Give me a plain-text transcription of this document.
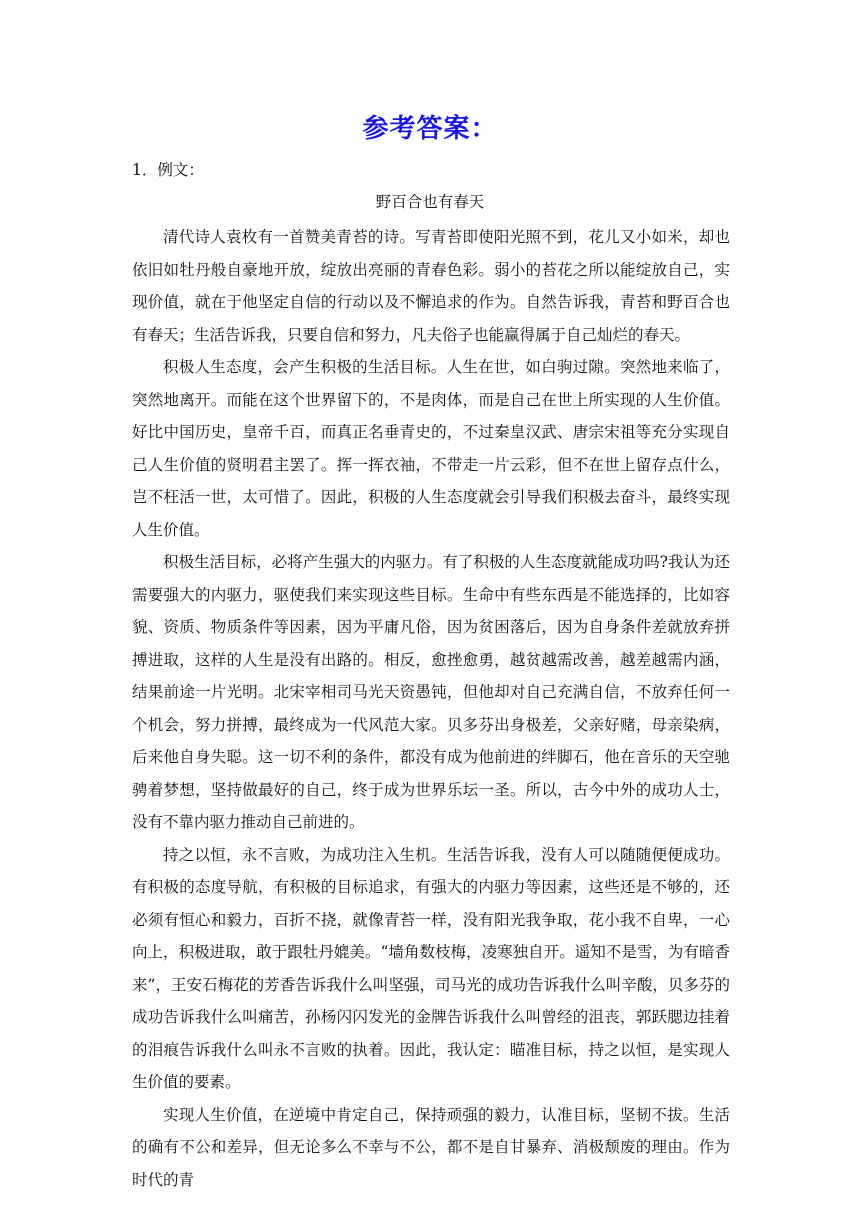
参考答案：

1．例文：

野百合也有春天

清代诗人袁枚有一首赞美青苔的诗。写青苔即使阳光照不到，花儿又小如米，却也依旧如牡丹般自豪地开放，绽放出亮丽的青春色彩。弱小的苔花之所以能绽放自己，实现价值，就在于他坚定自信的行动以及不懈追求的作为。自然告诉我，青苔和野百合也有春天；生活告诉我，只要自信和努力，凡夫俗子也能赢得属于自己灿烂的春天。

积极人生态度，会产生积极的生活目标。人生在世，如白驹过隙。突然地来临了，突然地离开。而能在这个世界留下的，不是肉体，而是自己在世上所实现的人生价值。好比中国历史，皇帝千百，而真正名垂青史的，不过秦皇汉武、唐宗宋祖等充分实现自己人生价值的贤明君主罢了。挥一挥衣袖，不带走一片云彩，但不在世上留存点什么，岂不枉活一世，太可惜了。因此，积极的人生态度就会引导我们积极去奋斗，最终实现人生价值。

积极生活目标，必将产生强大的内驱力。有了积极的人生态度就能成功吗?我认为还需要强大的内驱力，驱使我们来实现这些目标。生命中有些东西是不能选择的，比如容貌、资质、物质条件等因素，因为平庸凡俗，因为贫困落后，因为自身条件差就放弃拼搏进取，这样的人生是没有出路的。相反，愈挫愈勇，越贫越需改善，越差越需内涵，结果前途一片光明。北宋宰相司马光天资愚钝，但他却对自己充满自信，不放弃任何一个机会，努力拼搏，最终成为一代风范大家。贝多芬出身极差，父亲好赌，母亲染病，后来他自身失聪。这一切不利的条件，都没有成为他前进的绊脚石，他在音乐的天空驰骋着梦想，坚持做最好的自己，终于成为世界乐坛一圣。所以，古今中外的成功人士，没有不靠内驱力推动自己前进的。

持之以恒，永不言败，为成功注入生机。生活告诉我，没有人可以随随便便成功。有积极的态度导航，有积极的目标追求，有强大的内驱力等因素，这些还是不够的，还必须有恒心和毅力，百折不挠，就像青苔一样，没有阳光我争取，花小我不自卑，一心向上，积极进取，敢于跟牡丹媲美。“墙角数枝梅，凌寒独自开。遥知不是雪，为有暗香来”，王安石梅花的芳香告诉我什么叫坚强，司马光的成功告诉我什么叫辛酸，贝多芬的成功告诉我什么叫痛苦，孙杨闪闪发光的金牌告诉我什么叫曾经的沮丧，郭跃腮边挂着的泪痕告诉我什么叫永不言败的执着。因此，我认定：瞄准目标，持之以恒，是实现人生价值的要素。

实现人生价值，在逆境中肯定自己，保持顽强的毅力，认准目标，坚韧不拔。生活的确有不公和差异，但无论多么不幸与不公，都不是自甘暴弃、消极颓废的理由。作为时代的青
